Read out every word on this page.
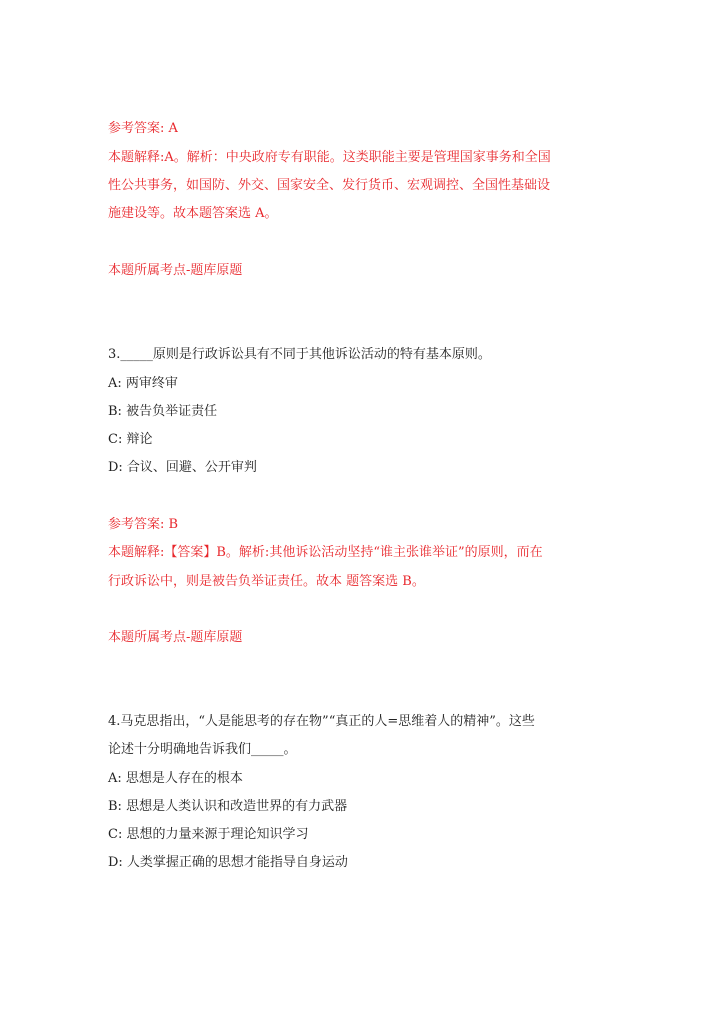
参考答案: A
本题解释:A。解析：中央政府专有职能。这类职能主要是管理国家事务和全国
性公共事务，如国防、外交、国家安全、发行货币、宏观调控、全国性基础设
施建设等。故本题答案选 A。
本题所属考点-题库原题
3._____原则是行政诉讼具有不同于其他诉讼活动的特有基本原则。
A: 两审终审
B: 被告负举证责任
C: 辩论
D: 合议、回避、公开审判
参考答案: B
本题解释:【答案】B。解析:其他诉讼活动坚持“谁主张谁举证”的原则，而在
行政诉讼中，则是被告负举证责任。故本 题答案选 B。
本题所属考点-题库原题
4.马克思指出，“人是能思考的存在物”“真正的人=思维着人的精神”。这些
论述十分明确地告诉我们_____。
A: 思想是人存在的根本
B: 思想是人类认识和改造世界的有力武器
C: 思想的力量来源于理论知识学习
D: 人类掌握正确的思想才能指导自身运动
